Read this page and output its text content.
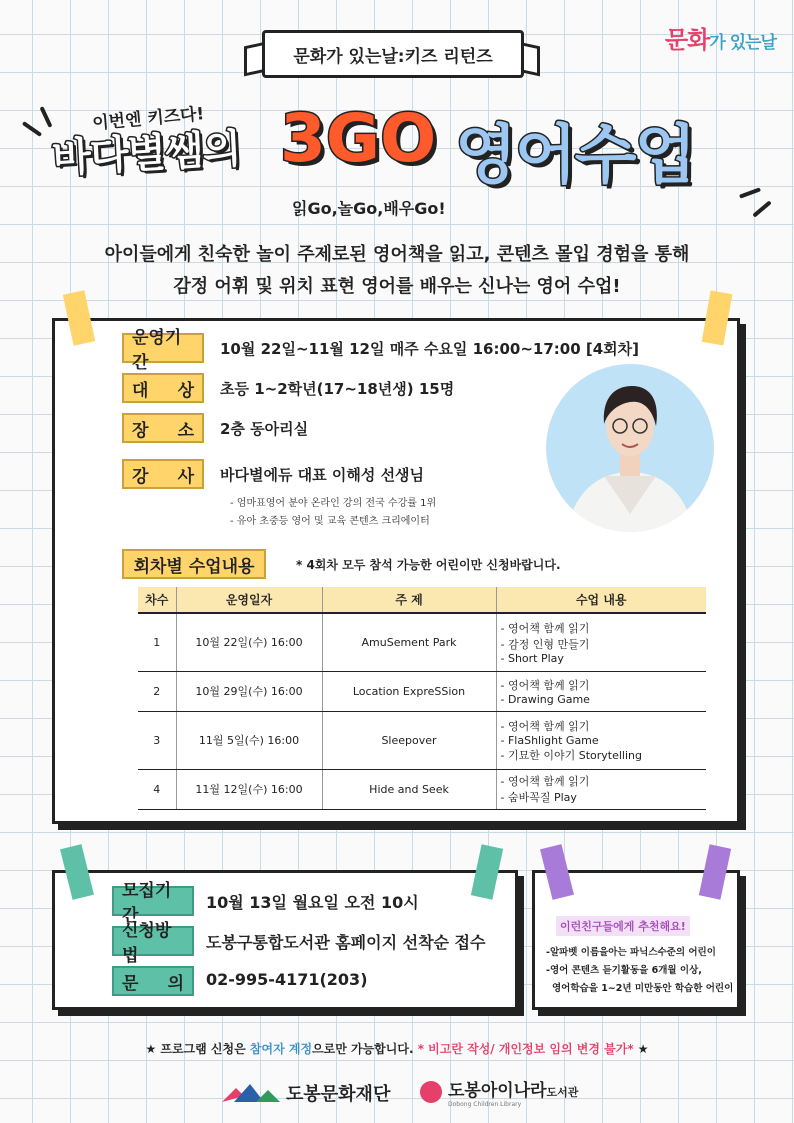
문화가 있는날:키즈 리턴즈
문화가 있는날
이번엔 키즈다!
바다별쌤의 3GO 영어수업
읽Go,놀Go,배우Go!
아이들에게 친숙한 놀이 주제로된 영어책을 읽고, 콘텐츠 몰입 경험을 통해
감정 어휘 및 위치 표현 영어를 배우는 신나는 영어 수업!
운영기간
10월 22일~11월 12일 매주 수요일 16:00~17:00 [4회차]
대 상 초등 1~2학년(17~18년생) 15명
장 소 2층 동아리실
강 사 바다별에듀 대표 이해성 선생님
- 엄마표영어 분야 온라인 강의 전국 수강률 1위
- 유아 초중등 영어 및 교육 콘텐츠 크리에이터
회차별 수업내용	* 4회차 모두 참석 가능한 어린이만 신청바랍니다.
차수	운영일자	주 제	수업 내용
1	10월 22일(수) 16:00	AmuSement Park	- 영어책 함께 읽기
- 감정 인형 만들기
- Short Play

2	10월 29일(수) 16:00	Location ExpreSSion	- 영어책 함께 읽기
- Drawing Game

3	11월 5일(수) 16:00	Sleepover	- 영어책 함께 읽기
- FlaShlight Game
- 기묘한 이야기 Storytelling

4	11월 12일(수) 16:00	Hide and Seek	- 영어책 함께 읽기
- 숨바꼭질 Play
모집기간
10월 13일 월요일 오전 10시
신청방법
도봉구통합도서관 홈페이지 선착순 접수
문 의 02-995-4171(203)
이런친구들에게 추천해요!
-알파벳 이름을아는 파닉스수준의 어린이
-영어 콘텐츠 듣기활동을 6개월 이상,
영어학습을 1~2년 미만동안 학습한 어린이
★ 프로그램 신청은 참여자 계정으로만 가능합니다. * 비고란 작성/ 개인정보 임의 변경 불가* ★
도봉문화재단	도봉아이나라도서관
Dobong Children Library
